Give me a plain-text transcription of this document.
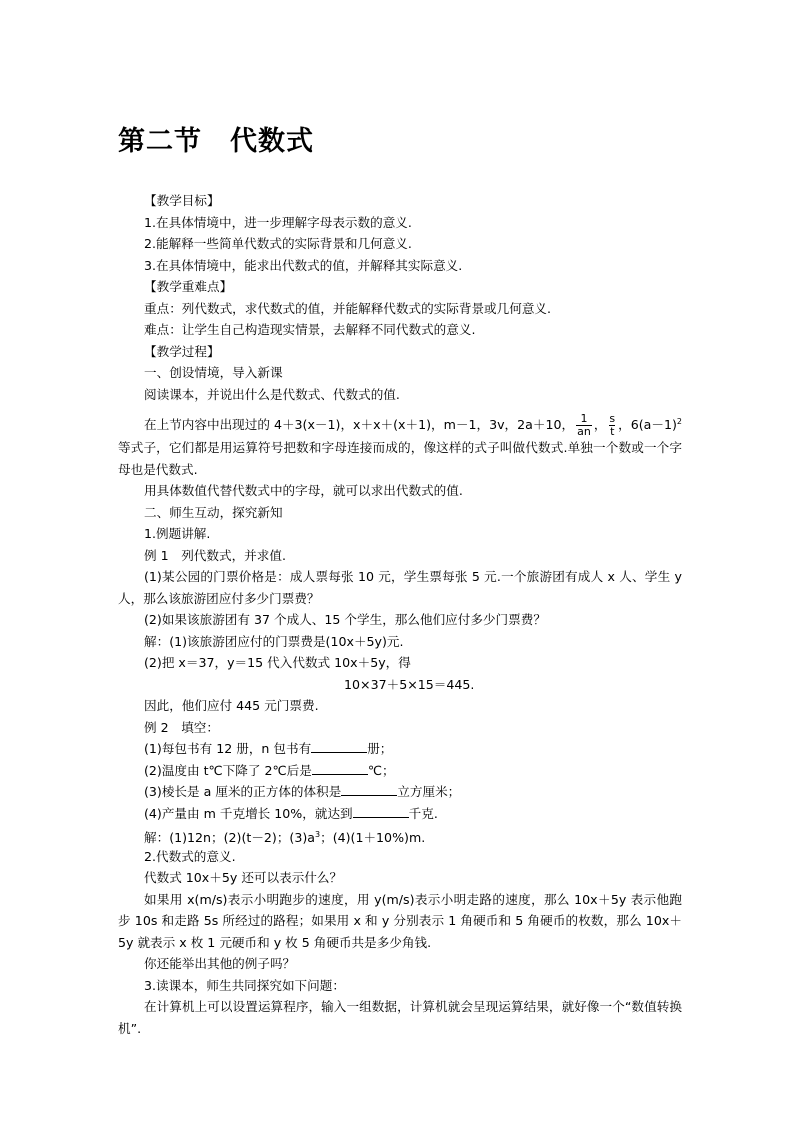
第二节　代数式
【教学目标】
1.在具体情境中，进一步理解字母表示数的意义.
2.能解释一些简单代数式的实际背景和几何意义.
3.在具体情境中，能求出代数式的值，并解释其实际意义.
【教学重难点】
重点：列代数式，求代数式的值，并能解释代数式的实际背景或几何意义.
难点：让学生自己构造现实情景，去解释不同代数式的意义.
【教学过程】
一、创设情境，导入新课
阅读课本，并说出什么是代数式、代数式的值.
在上节内容中出现过的 4＋3(x－1)，x＋x＋(x＋1)，m－1，3v，2a＋10， $\frac{1}{an}$ ， $\frac{s}{t}$ ，$6(a-1)^2$
等式子，它们都是用运算符号把数和字母连接而成的，像这样的式子叫做代数式.单独一个数或一个字母也是代数式.
用具体数值代替代数式中的字母，就可以求出代数式的值.
二、师生互动，探究新知
1.例题讲解.
例 1　列代数式，并求值.
(1)某公园的门票价格是：成人票每张 10 元，学生票每张 5 元.一个旅游团有成人 x 人、学生 y 人，那么该旅游团应付多少门票费？
(2)如果该旅游团有 37 个成人、15 个学生，那么他们应付多少门票费？
解：(1)该旅游团应付的门票费是(10x＋5y)元.
(2)把 x＝37，y＝15 代入代数式 10x＋5y，得
10×37＋5×15＝445.
因此，他们应付 445 元门票费.
例 2　填空：
(1)每包书有 12 册，n 包书有	册；
(2)温度由 t℃下降了 2℃后是	℃；
(3)棱长是 a 厘米的正方体的体积是	立方厘米；
(4)产量由 m 千克增长 10%，就达到	千克.
解：(1)12n；(2)(t－2)；$(3)a^3$；(4)(1＋10%)m.
2.代数式的意义.
代数式 10x＋5y 还可以表示什么？
如果用 x(m/s)表示小明跑步的速度，用 y(m/s)表示小明走路的速度，那么 10x＋5y 表示他跑步 10s 和走路 5s 所经过的路程；如果用 x 和 y 分别表示 1 角硬币和 5 角硬币的枚数，那么 10x＋5y 就表示 x 枚 1 元硬币和 y 枚 5 角硬币共是多少角钱.
你还能举出其他的例子吗？
3.读课本，师生共同探究如下问题：
在计算机上可以设置运算程序，输入一组数据，计算机就会呈现运算结果，就好像一个“数值转换机”.
